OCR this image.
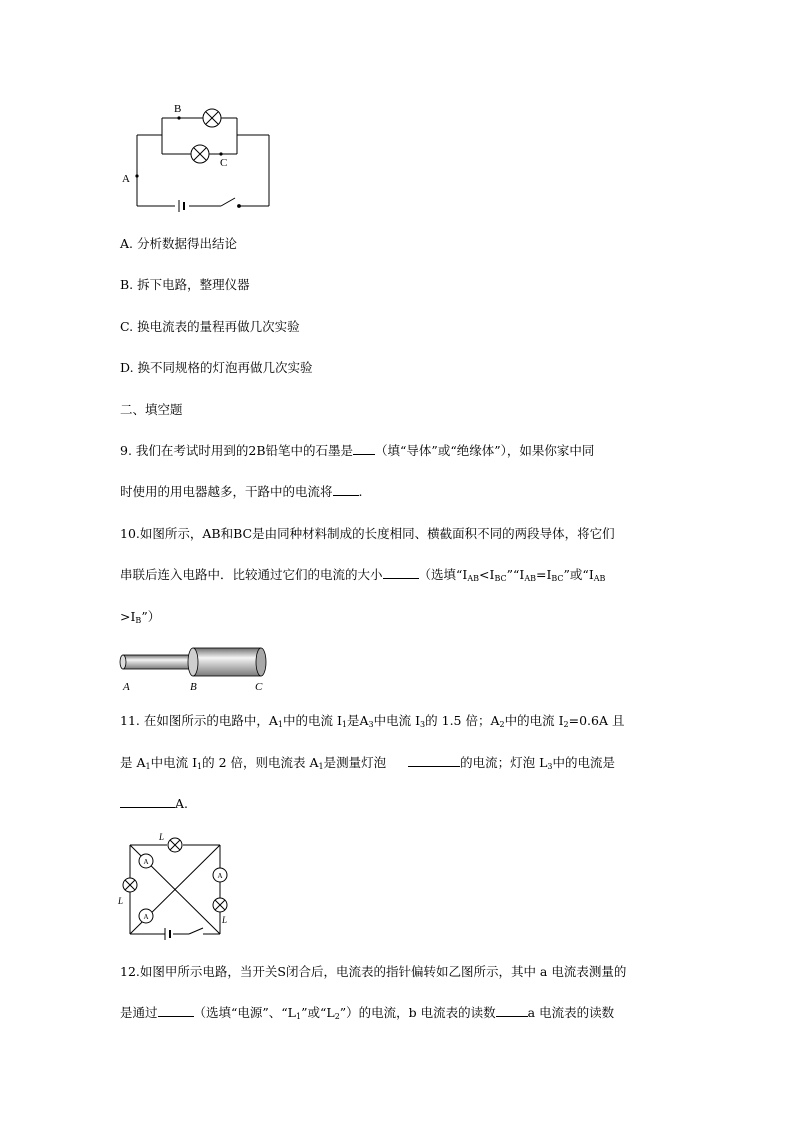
B
C
A
A. 分析数据得出结论
B. 拆下电路，整理仪器
C. 换电流表的量程再做几次实验
D. 换不同规格的灯泡再做几次实验
二、填空题
9. 我们在考试时用到的2B铅笔中的石墨是 （填“导体”或“绝缘体”），如果你家中同
时使用的用电器越多，干路中的电流将 .
10.如图所示，AB和BC是由同种材料制成的长度相同、横截面积不同的两段导体，将它们
串联后连入电路中．比较通过它们的电流的大小	（选填“$I_{AB}<I_{BC}”“I_{AB}=I_{BC}$”或“$I_{AB}$
$>I_B$”）
A	B	C
11. 在如图所示的电路中，$A_1$中的电流 $I_1$是$A_3$中电流 $I_3$的 1.5 倍；$A_2$中的电流 $I_2=0.6A$ 且
是 $A_1$中电流 $I_1$的 2 倍，则电流表 $A_1$是测量灯泡	的电流；灯泡 $L_3$中的电流是
A.
A
A
A
L
L
L
12.如图甲所示电路，当开关S闭合后，电流表的指针偏转如乙图所示，其中 a 电流表测量的
是通过	（选填“电源”、“$L_1$”或“$L_2$”）的电流，b 电流表的读数	a 电流表的读数
